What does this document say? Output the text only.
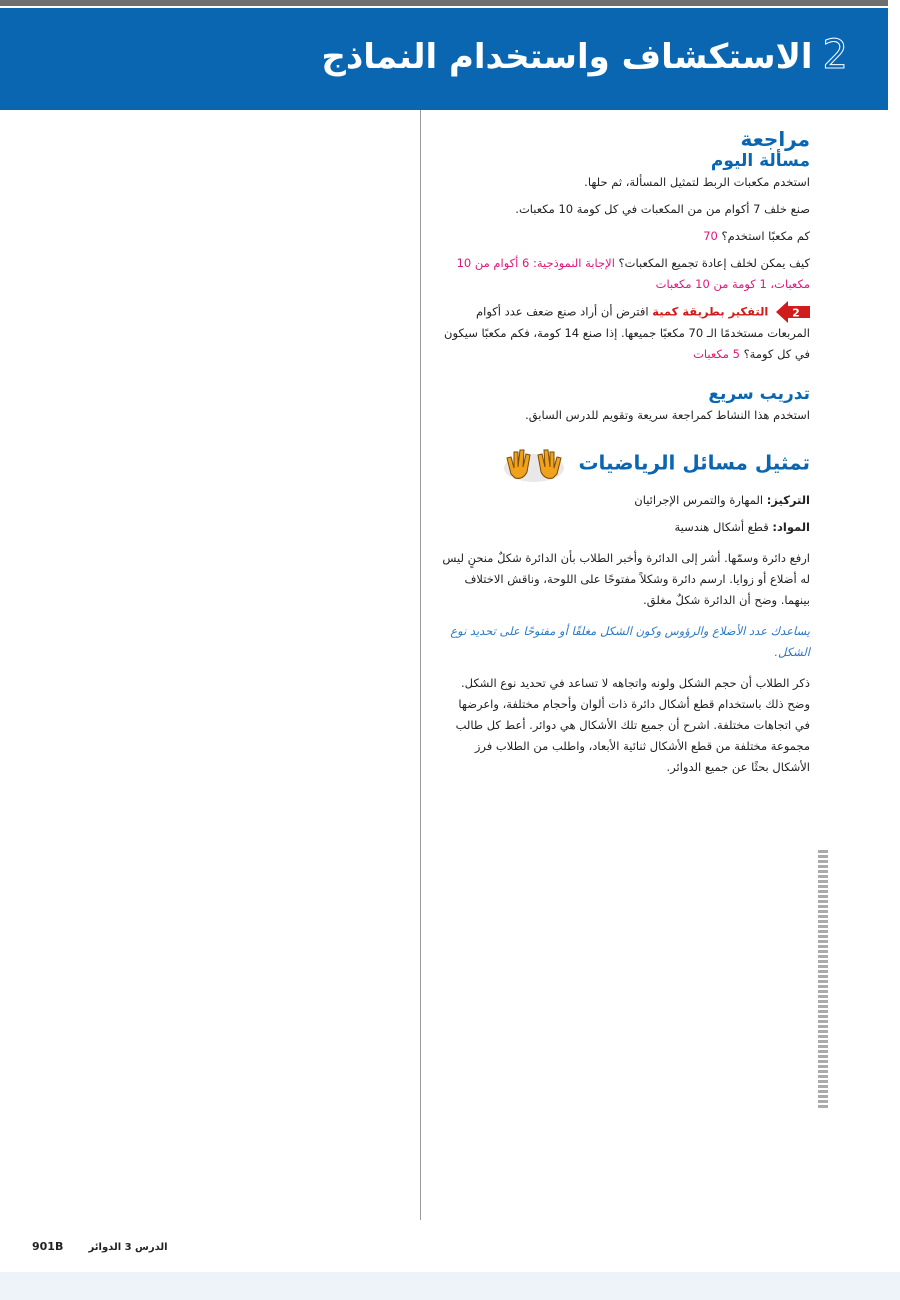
2الاستكشاف واستخدام النماذج
مراجعة
مسألة اليوم

استخدم مكعبات الربط لتمثيل المسألة، ثم حلها.

صنع خلف 7 أكوام من من المكعبات في كل كومة 10 مكعبات.

كم مكعبًا استخدم؟ 70

كيف يمكن لخلف إعادة تجميع المكعبات؟ الإجابة النموذجية: 6 أكوام من 10 مكعبات، 1 كومة من 10 مكعبات

2
التفكير بطريقة كمية افترض أن أراد صنع ضعف عدد أكوام المربعات مستخدمًا الـ 70 مكعبًا جميعها. إذا صنع 14 كومة، فكم مكعبًا سيكون في كل كومة؟ 5 مكعبات

تدريب سريع

استخدم هذا النشاط كمراجعة سريعة وتقويم للدرس السابق.

تمثيل مسائل الرياضيات

التركيز: المهارة والتمرس الإجرائيان

المواد: قطع أشكال هندسية

ارفع دائرة وسمّها. أشر إلى الدائرة وأخبر الطلاب بأن الدائرة شكلٌ منحنٍ ليس له أضلاع أو زوايا. ارسم دائرة وشكلاً مفتوحًا على اللوحة، وناقش الاختلاف بينهما. وضح أن الدائرة شكلٌ مغلق.

يساعدك عدد الأضلاع والرؤوس وكون الشكل مغلقًا أو مفتوحًا على تحديد نوع الشكل.

ذكر الطلاب أن حجم الشكل ولونه واتجاهه لا تساعد في تحديد نوع الشكل. وضح ذلك باستخدام قطع أشكال دائرة ذات ألوان وأحجام مختلفة، واعرضها في اتجاهات مختلفة. اشرح أن جميع تلك الأشكال هي دوائر. أعط كل طالب مجموعة مختلفة من قطع الأشكال ثنائية الأبعاد، واطلب من الطلاب فرز الأشكال بحثًا عن جميع الدوائر.

901B	الدرس 3 الدوائر
